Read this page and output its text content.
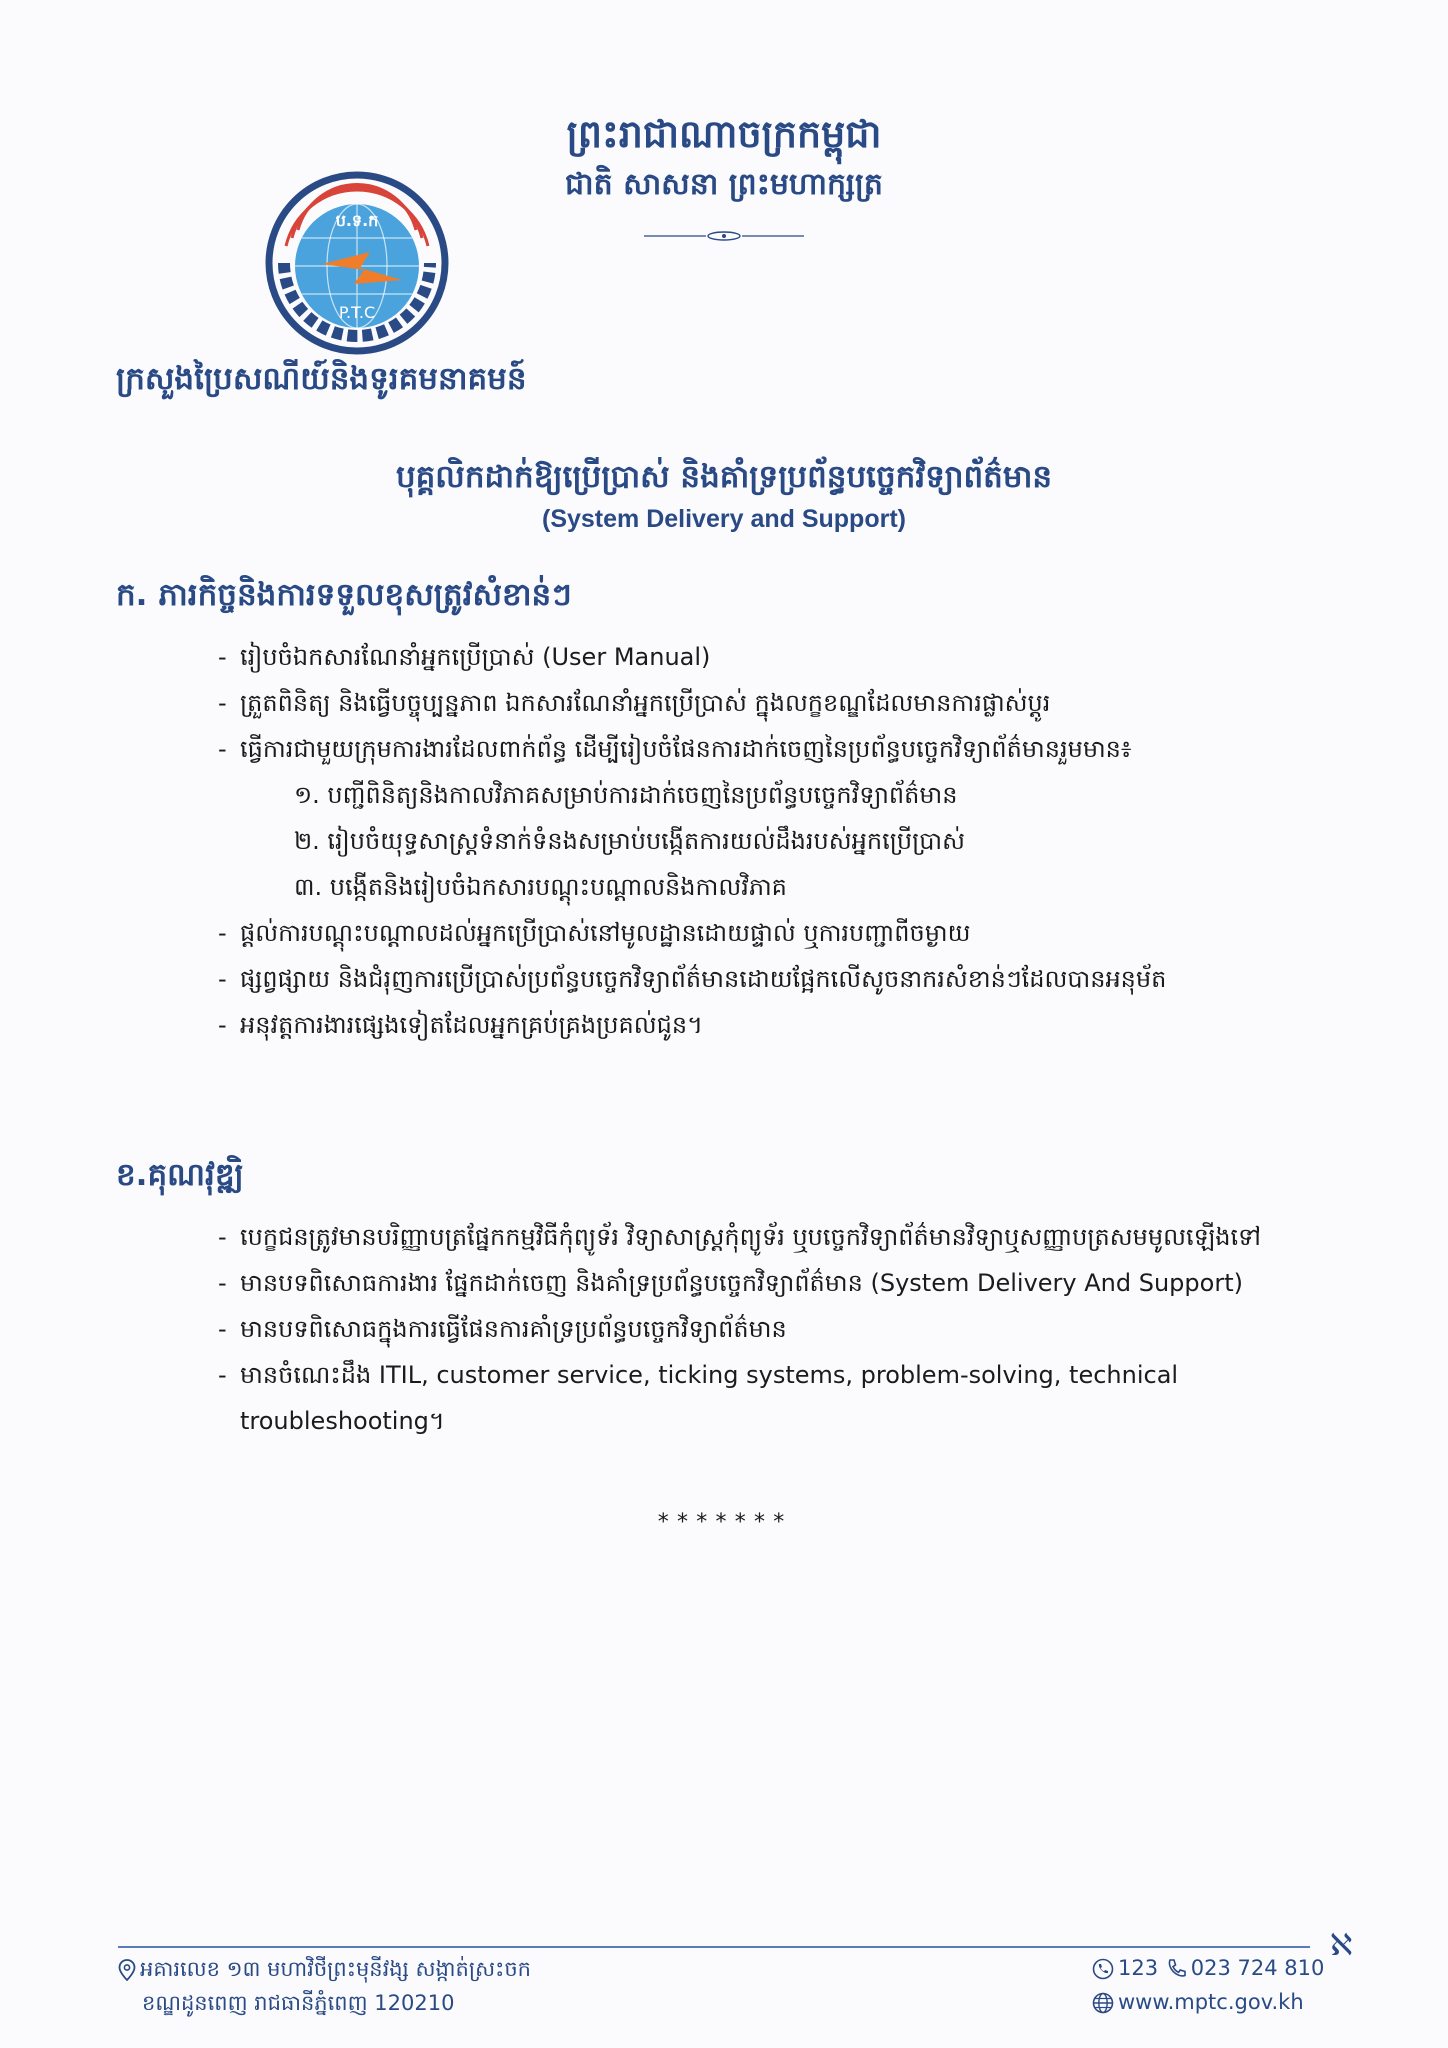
ព្រះរាជាណាចក្រកម្ពុជា
ជាតិ សាសនា ព្រះមហាក្សត្រ
ប.ទ.ក
P.T.C
ក្រសួងប្រៃសណីយ៍និងទូរគមនាគមន៍
បុគ្គលិកដាក់ឱ្យប្រើប្រាស់ និងគាំទ្រប្រព័ន្ធបច្ចេកវិទ្យាព័ត៌មាន
(System Delivery and Support)
ក. ភារកិច្ចនិងការទទួលខុសត្រូវសំខាន់ៗ
- រៀបចំឯកសារណែនាំអ្នកប្រើប្រាស់ (User Manual)
- ត្រួតពិនិត្យ និងធ្វើបច្ចុប្បន្នភាព ឯកសារណែនាំអ្នកប្រើប្រាស់ ក្នុងលក្ខខណ្ឌដែលមានការផ្លាស់ប្តូរ
- ធ្វើការជាមួយក្រុមការងារដែលពាក់ព័ន្ធ ដើម្បីរៀបចំផែនការដាក់ចេញនៃប្រព័ន្ធបច្ចេកវិទ្យាព័ត៌មានរួមមាន៖
១. បញ្ជីពិនិត្យនិងកាលវិភាគសម្រាប់ការដាក់ចេញនៃប្រព័ន្ធបច្ចេកវិទ្យាព័ត៌មាន
២. រៀបចំយុទ្ធសាស្ត្រទំនាក់ទំនងសម្រាប់បង្កើតការយល់ដឹងរបស់អ្នកប្រើប្រាស់
៣. បង្កើតនិងរៀបចំឯកសារបណ្តុះបណ្តាលនិងកាលវិភាគ
- ផ្តល់ការបណ្តុះបណ្តាលដល់អ្នកប្រើប្រាស់នៅមូលដ្ឋានដោយផ្ទាល់ ឬការបញ្ជាពីចម្ងាយ
- ផ្សព្វផ្សាយ និងជំរុញការប្រើប្រាស់ប្រព័ន្ធបច្ចេកវិទ្យាព័ត៌មានដោយផ្អែកលើសូចនាករសំខាន់ៗដែលបានអនុម័ត
- អនុវត្តការងារផ្សេងទៀតដែលអ្នកគ្រប់គ្រងប្រគល់ជូន។
ខ.គុណវុឌ្ឍិ
- បេក្ខជនត្រូវមានបរិញ្ញាបត្រផ្នែកកម្មវិធីកុំព្យូទ័រ វិទ្យាសាស្ត្រកុំព្យូទ័រ ឬបច្ចេកវិទ្យាព័ត៌មានវិទ្យាឬសញ្ញាបត្រសមមូលឡើងទៅ
- មានបទពិសោធការងារ ផ្នែកដាក់ចេញ និងគាំទ្រប្រព័ន្ធបច្ចេកវិទ្យាព័ត៌មាន (System Delivery And Support)
- មានបទពិសោធក្នុងការធ្វើផែនការគាំទ្រប្រព័ន្ធបច្ចេកវិទ្យាព័ត៌មាន
- មានចំណេះដឹង ITIL, customer service, ticking systems, problem-solving, technical troubleshooting។
*******
ℵ
អគារលេខ ១៣ មហាវិថីព្រះមុនីវង្ស សង្កាត់ស្រះចក
ខណ្ឌដូនពេញ រាជធានីភ្នំពេញ 120210
123 023 724 810
www.mptc.gov.kh
